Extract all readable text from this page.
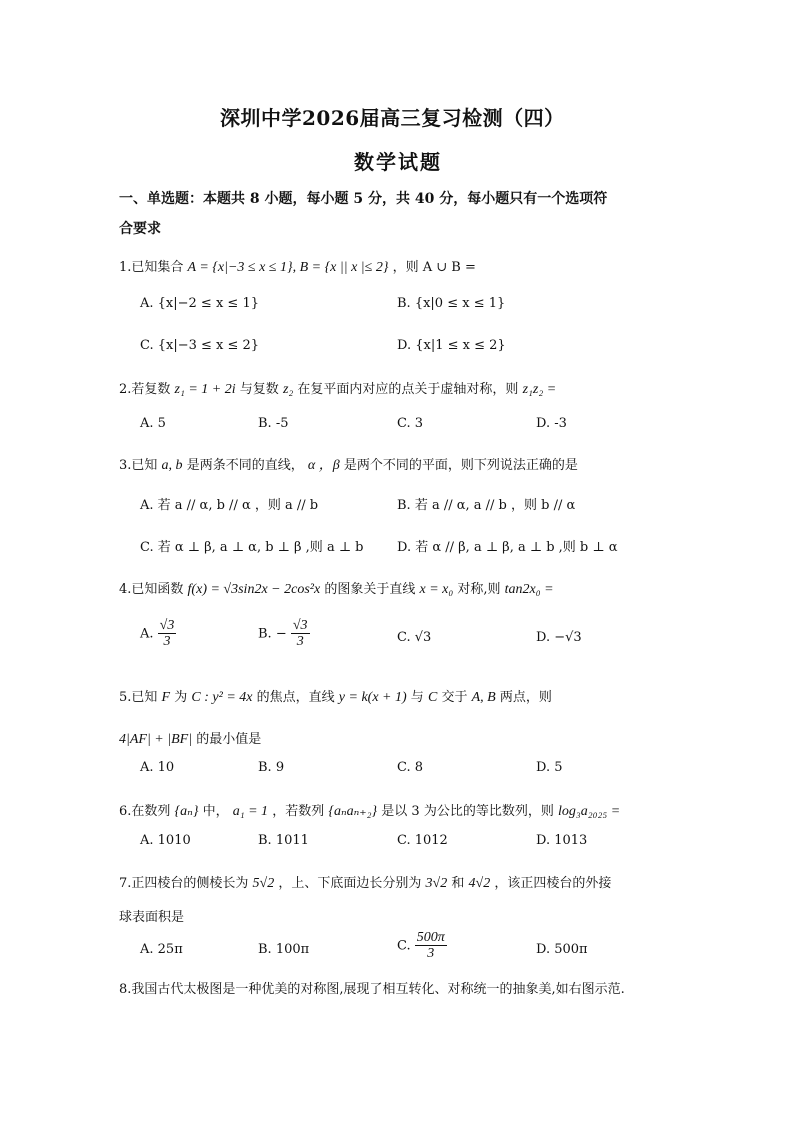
深圳中学2026届高三复习检测（四）
数学试题
一、单选题：本题共 8 小题，每小题 5 分，共 40 分，每小题只有一个选项符
合要求
1.已知集合 A = {x|−3 ≤ x ≤ 1}, B = {x || x |≤ 2} ，则 A ∪ B =
A. {x|−2 ≤ x ≤ 1}	B. {x|0 ≤ x ≤ 1}
C. {x|−3 ≤ x ≤ 2}	D. {x|1 ≤ x ≤ 2}
2.若复数 z₁ = 1 + 2i 与复数 z₂ 在复平面内对应的点关于虚轴对称，则 z₁z₂ =
A. 5	B. -5	C. 3	D. -3
3.已知 a, b 是两条不同的直线， α ，β 是两个不同的平面，则下列说法正确的是
A. 若 a // α, b // α ，则 a // b	B. 若 a // α, a // b ，则 b // α
C. 若 α ⊥ β, a ⊥ α, b ⊥ β ,则 a ⊥ b	D. 若 α // β, a ⊥ β, a ⊥ b ,则 b ⊥ α
4.已知函数 f(x) = √3sin2x − 2cos²x 的图象关于直线 x = x₀ 对称,则 tan2x₀ =
A. $\frac{√3}{3}$	B. − $\frac{√3}{3}$	C. √3	D. −√3
5.已知 F 为 C : y² = 4x 的焦点，直线 y = k(x + 1) 与 C 交于 A, B 两点，则
4|AF| + |BF| 的最小值是
A. 10	B. 9	C. 8	D. 5
6.在数列 {aₙ} 中， a₁ = 1 ，若数列 {aₙaₙ₊₂} 是以 3 为公比的等比数列，则 log₃a₂₀₂₅ =
A. 1010	B. 1011	C. 1012	D. 1013
7.正四棱台的侧棱长为 5√2 ，上、下底面边长分别为 3√2 和 4√2 ，该正四棱台的外接
球表面积是
A. 25π	B. 100π	C. $\frac{500\pi}{3}$	D. 500π
8.我国古代太极图是一种优美的对称图,展现了相互转化、对称统一的抽象美,如右图示范.
